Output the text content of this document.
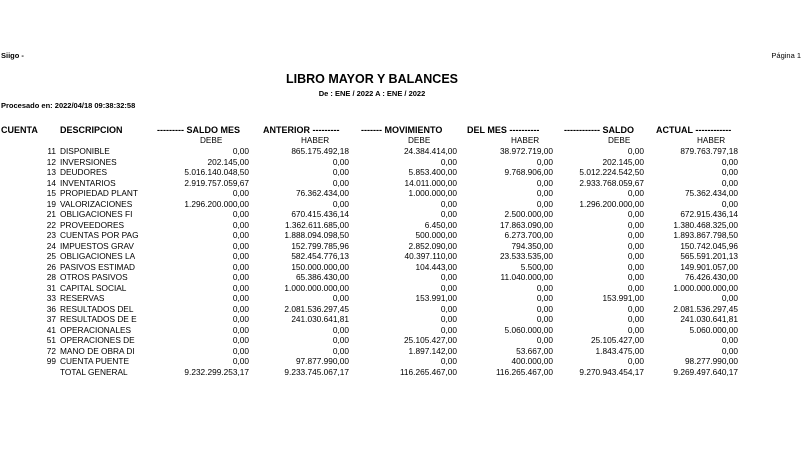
Siigo -	Página 1
LIBRO MAYOR Y BALANCES
De : ENE / 2022 A : ENE / 2022
Procesado en: 2022/04/18 09:38:32:58
CUENTA DESCRIPCION	--------- SALDO MES	ANTERIOR --------- ------- MOVIMIENTO	DEL MES ----------	------------ SALDO ACTUAL ------------
DEBE	HABER	DEBE	HABER	DEBE	HABER
11 DISPONIBLE	0,00	865.175.492,18	24.384.414,00	38.972.719,00	0,00	879.763.797,18
12 INVERSIONES	202.145,00	0,00	0,00	0,00	202.145,00	0,00
13 DEUDORES	5.016.140.048,50	0,00	5.853.400,00	9.768.906,00	5.012.224.542,50	0,00
14 INVENTARIOS	2.919.757.059,67	0,00	14.011.000,00	0,00	2.933.768.059,67	0,00
15 PROPIEDAD PLANT	0,00	76.362.434,00	1.000.000,00	0,00	0,00	75.362.434,00
19 VALORIZACIONES	1.296.200.000,00	0,00	0,00	0,00	1.296.200.000,00	0,00
21 OBLIGACIONES FI	0,00	670.415.436,14	0,00	2.500.000,00	0,00	672.915.436,14
22 PROVEEDORES	0,00	1.362.611.685,00	6.450,00	17.863.090,00	0,00	1.380.468.325,00
23 CUENTAS POR PAG	0,00	1.888.094.098,50	500.000,00	6.273.700,00	0,00	1.893.867.798,50
24 IMPUESTOS GRAV	0,00	152.799.785,96	2.852.090,00	794.350,00	0,00	150.742.045,96
25 OBLIGACIONES LA	0,00	582.454.776,13	40.397.110,00	23.533.535,00	0,00	565.591.201,13
26 PASIVOS ESTIMAD	0,00	150.000.000,00	104.443,00	5.500,00	0,00	149.901.057,00
28 OTROS PASIVOS	0,00	65.386.430,00	0,00	11.040.000,00	0,00	76.426.430,00
31 CAPITAL SOCIAL	0,00	1.000.000.000,00	0,00	0,00	0,00	1.000.000.000,00
33 RESERVAS	0,00	0,00	153.991,00	0,00	153.991,00	0,00
36 RESULTADOS DEL	0,00	2.081.536.297,45	0,00	0,00	0,00	2.081.536.297,45
37 RESULTADOS DE E	0,00	241.030.641,81	0,00	0,00	0,00	241.030.641,81
41 OPERACIONALES	0,00	0,00	0,00	5.060.000,00	0,00	5.060.000,00
51 OPERACIONES DE	0,00	0,00	25.105.427,00	0,00	25.105.427,00	0,00
72 MANO DE OBRA DI	0,00	0,00	1.897.142,00	53.667,00	1.843.475,00	0,00
99 CUENTA PUENTE	0,00	97.877.990,00	0,00	400.000,00	0,00	98.277.990,00
TOTAL GENERAL	9.232.299.253,17	9.233.745.067,17	116.265.467,00	116.265.467,00	9.270.943.454,17	9.269.497.640,17
